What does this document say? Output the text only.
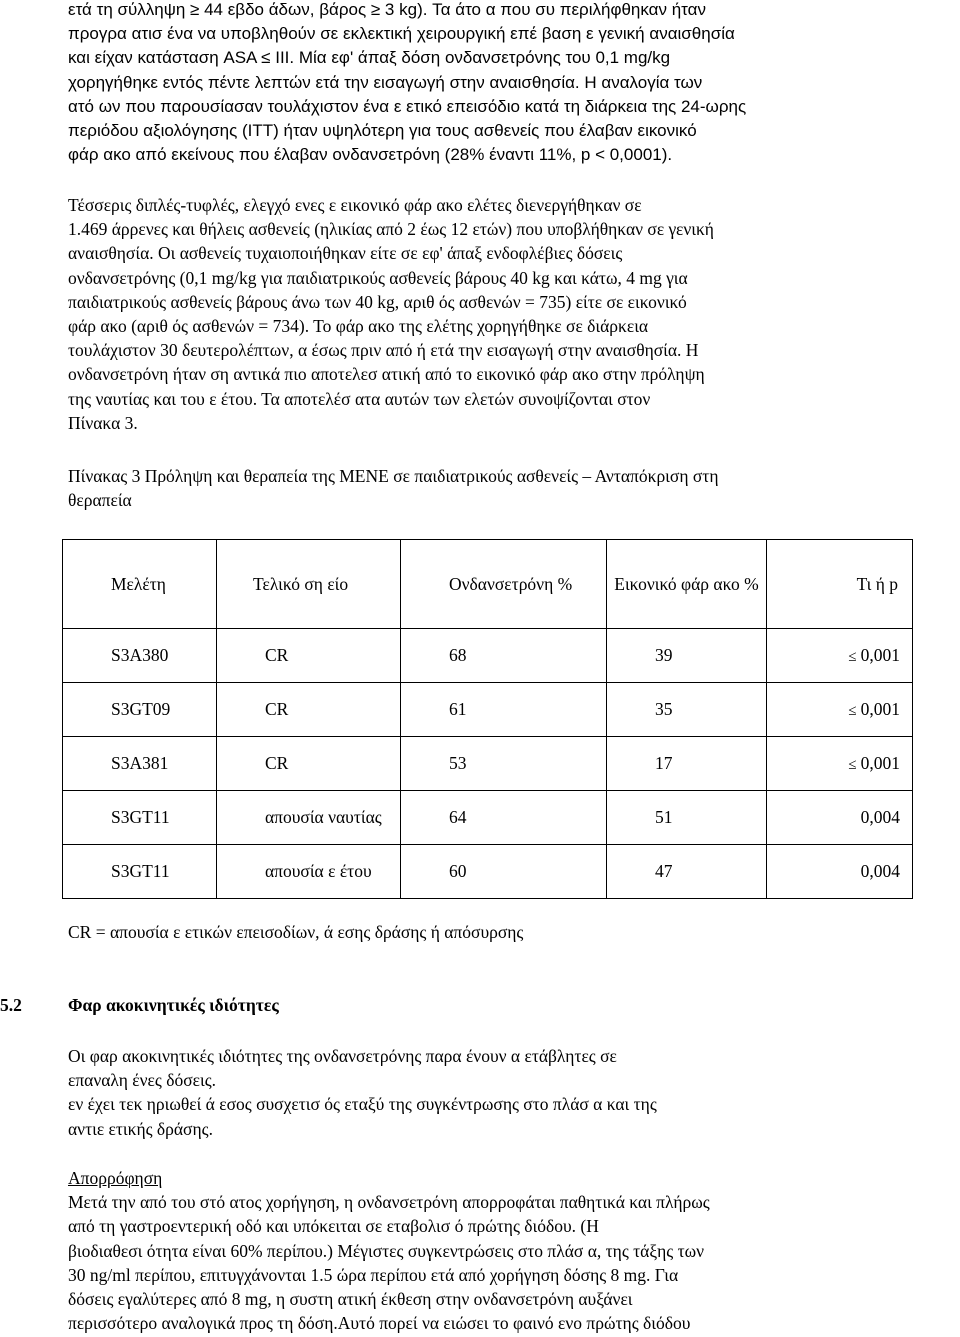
ετά τη σύλληψη ≥ 44 εβδο άδων, βάρος ≥ 3 kg). Τα άτο α που συ περιλήφθηκαν ήταν
προγρα ατισ ένα να υποβληθούν σε εκλεκτική χειρουργική επέ βαση ε γενική αναισθησία
και είχαν κατάσταση ASA ≤ III. Μία εφ' άπαξ δόση ονδανσετρόνης του 0,1 mg/kg
χορηγήθηκε εντός πέντε λεπτών ετά την εισαγωγή στην αναισθησία. Η αναλογία των
ατό ων που παρουσίασαν τουλάχιστον ένα ε ετικό επεισόδιο κατά τη διάρκεια της 24-ωρης
περιόδου αξιολόγησης (ITT) ήταν υψηλότερη για τους ασθενείς που έλαβαν εικονικό
φάρ ακο από εκείνους που έλαβαν ονδανσετρόνη (28% έναντι 11%, p < 0,0001).
Τέσσερις διπλές-τυφλές, ελεγχό ενες ε εικονικό φάρ ακο ελέτες διενεργήθηκαν σε
1.469 άρρενες και θήλεις ασθενείς (ηλικίας από 2 έως 12 ετών) που υποβλήθηκαν σε γενική
αναισθησία. Οι ασθενείς τυχαιοποιήθηκαν είτε σε εφ' άπαξ ενδοφλέβιες δόσεις
ονδανσετρόνης (0,1 mg/kg για παιδιατρικούς ασθενείς βάρους 40 kg και κάτω, 4 mg για
παιδιατρικούς ασθενείς βάρους άνω των 40 kg, αριθ ός ασθενών = 735) είτε σε εικονικό
φάρ ακο (αριθ ός ασθενών = 734). Το φάρ ακο της ελέτης χορηγήθηκε σε διάρκεια
τουλάχιστον 30 δευτερολέπτων, α έσως πριν από ή ετά την εισαγωγή στην αναισθησία. Η
ονδανσετρόνη ήταν ση αντικά πιο αποτελεσ ατική από το εικονικό φάρ ακο στην πρόληψη
της ναυτίας και του ε έτου. Τα αποτελέσ ατα αυτών των ελετών συνοψίζονται στον
Πίνακα 3.
Πίνακας 3 Πρόληψη και θεραπεία της ΜΕΝΕ σε παιδιατρικούς ασθενείς – Ανταπόκριση στη
θεραπεία
Μελέτη	Τελικό ση είο	Ονδανσετρόνη %	Εικονικό φάρ ακο %	Τι ή p
S3A380	CR	68	39	≤ 0,001
S3GT09	CR	61	35	≤ 0,001
S3A381	CR	53	17	≤ 0,001
S3GT11	απουσία ναυτίας	64	51	0,004
S3GT11	απουσία ε έτου	60	47	0,004
CR = απουσία ε ετικών επεισοδίων, ά εσης δράσης ή απόσυρσης
5.2	Φαρ ακοκινητικές ιδιότητες
Οι φαρ ακοκινητικές ιδιότητες της ονδανσετρόνης παρα ένουν α ετάβλητες σε
επαναλη ένες δόσεις.
εν έχει τεκ ηριωθεί ά εσος συσχετισ ός εταξύ της συγκέντρωσης στο πλάσ α και της
αντιε ετικής δράσης.
Απορρόφηση
Μετά την από του στό ατος χορήγηση, η ονδανσετρόνη απορροφάται παθητικά και πλήρως
από τη γαστροεντερική οδό και υπόκειται σε εταβολισ ό πρώτης διόδου. (Η
βιοδιαθεσι ότητα είναι 60% περίπου.) Μέγιστες συγκεντρώσεις στο πλάσ α, της τάξης των
30 ng/ml περίπου, επιτυγχάνονται 1.5 ώρα περίπου ετά από χορήγηση δόσης 8 mg. Για
δόσεις εγαλύτερες από 8 mg, η συστη ατική έκθεση στην ονδανσετρόνη αυξάνει
περισσότερο αναλογικά προς τη δόση.Αυτό πορεί να ειώσει το φαινό ενο πρώτης διόδου
